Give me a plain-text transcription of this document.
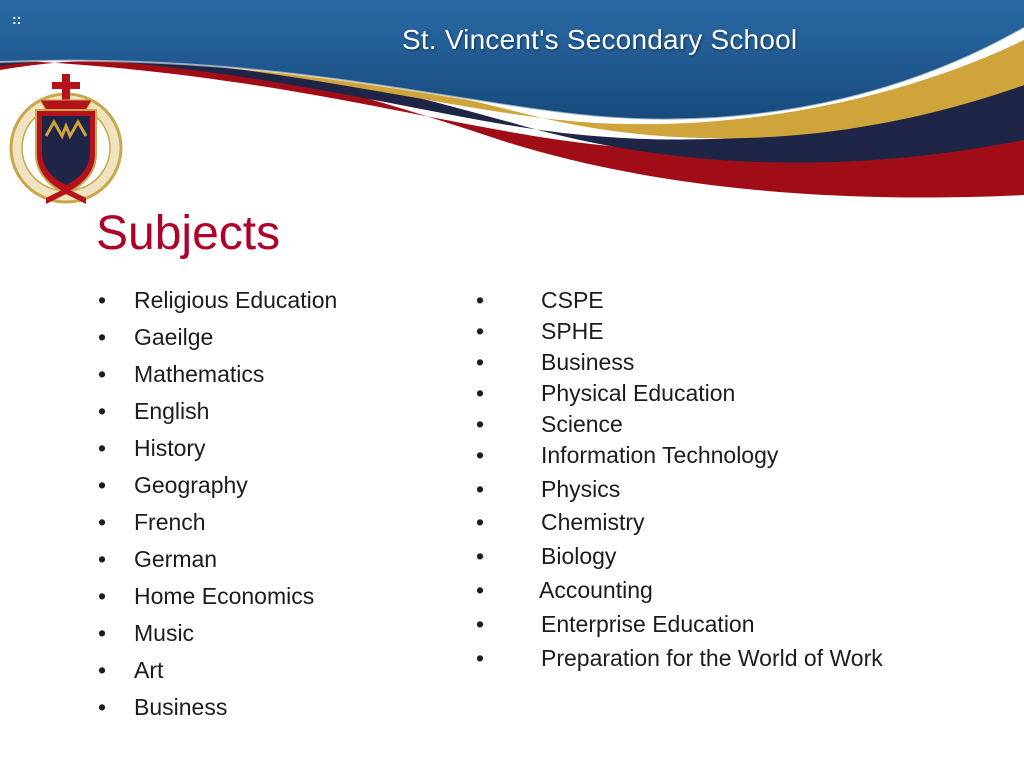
::
St. Vincent's Secondary School
Subjects
• Religious Education
• Gaeilge
• Mathematics
• English
• History
• Geography
• French
• German
• Home Economics
• Music
• Art
• Business
• CSPE
• SPHE
• Business
• Physical Education
• Science
• Information Technology
• Physics
• Chemistry
• Biology
• Accounting
• Enterprise Education
• Preparation for the World of Work
